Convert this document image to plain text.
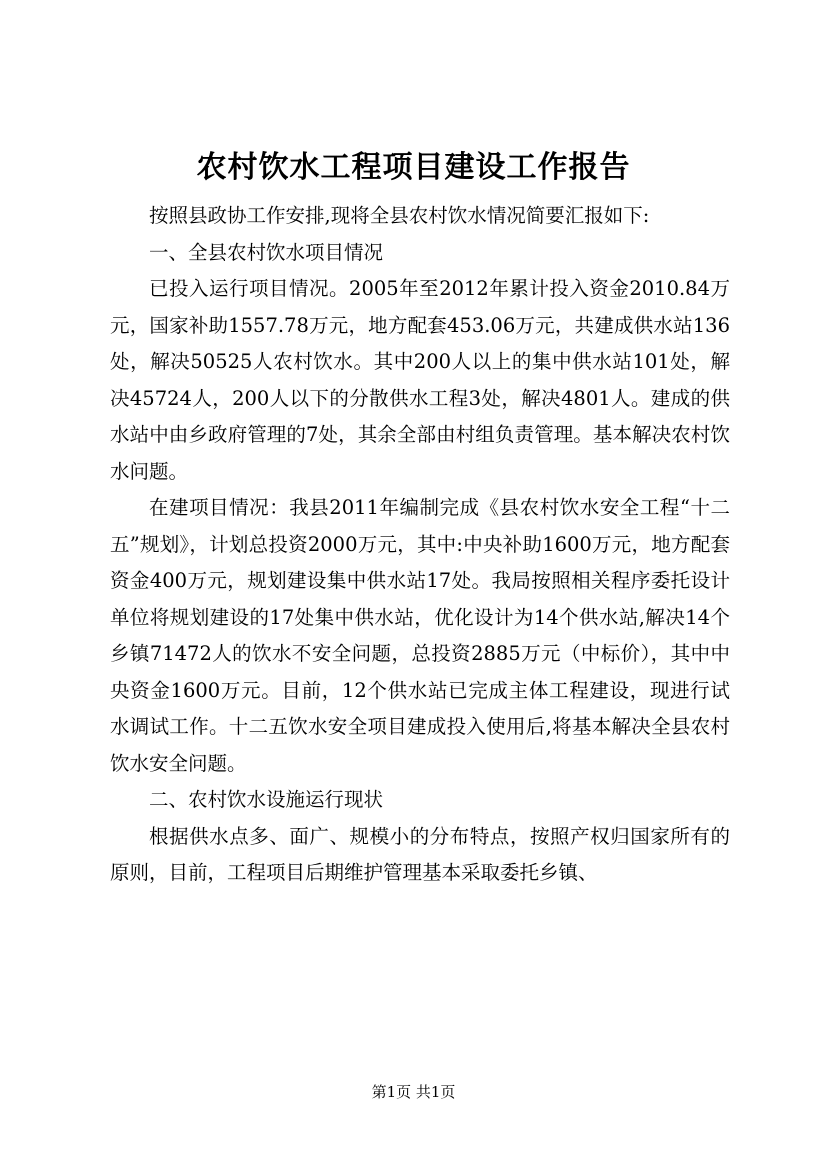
农村饮水工程项目建设工作报告

按照县政协工作安排,现将全县农村饮水情况简要汇报如下:

一、全县农村饮水项目情况

已投入运行项目情况。2005年至2012年累计投入资金2010.84万元，国家补助1557.78万元，地方配套453.06万元，共建成供水站136处，解决50525人农村饮水。其中200人以上的集中供水站101处，解决45724人，200人以下的分散供水工程3处，解决4801人。建成的供水站中由乡政府管理的7处，其余全部由村组负责管理。基本解决农村饮水问题。

在建项目情况：我县2011年编制完成《县农村饮水安全工程“十二五”规划》，计划总投资2000万元，其中:中央补助1600万元，地方配套资金400万元，规划建设集中供水站17处。我局按照相关程序委托设计单位将规划建设的17处集中供水站，优化设计为14个供水站,解决14个乡镇71472人的饮水不安全问题，总投资2885万元（中标价），其中中央资金1600万元。目前，12个供水站已完成主体工程建设，现进行试水调试工作。十二五饮水安全项目建成投入使用后,将基本解决全县农村饮水安全问题。

二、农村饮水设施运行现状

根据供水点多、面广、规模小的分布特点，按照产权归国家所有的原则，目前，工程项目后期维护管理基本采取委托乡镇、

第1页 共1页
